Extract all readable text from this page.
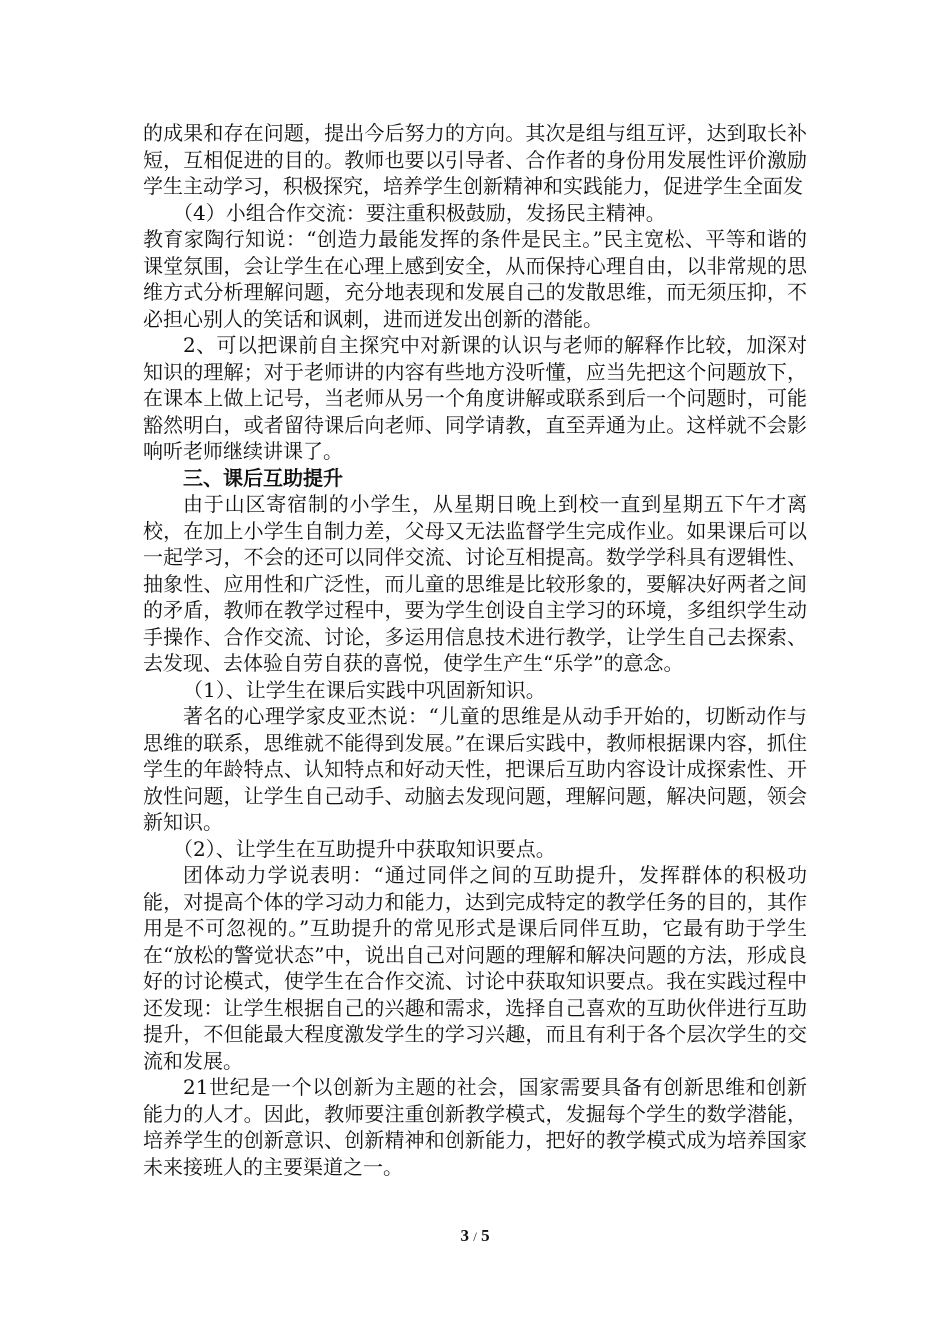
的成果和存在问题，提出今后努力的方向。其次是组与组互评，达到取长补短，互相促进的目的。教师也要以引导者、合作者的身份用发展性评价激励学生主动学习，积极探究，培养学生创新精神和实践能力，促进学生全面发

（4）小组合作交流：要注重积极鼓励，发扬民主精神。

教育家陶行知说：“创造力最能发挥的条件是民主。”民主宽松、平等和谐的课堂氛围，会让学生在心理上感到安全，从而保持心理自由，以非常规的思维方式分析理解问题，充分地表现和发展自己的发散思维，而无须压抑，不必担心别人的笑话和讽刺，进而迸发出创新的潜能。

2、可以把课前自主探究中对新课的认识与老师的解释作比较，加深对知识的理解；对于老师讲的内容有些地方没听懂，应当先把这个问题放下，在课本上做上记号，当老师从另一个角度讲解或联系到后一个问题时，可能豁然明白，或者留待课后向老师、同学请教，直至弄通为止。这样就不会影响听老师继续讲课了。

三、课后互助提升

由于山区寄宿制的小学生，从星期日晚上到校一直到星期五下午才离校，在加上小学生自制力差，父母又无法监督学生完成作业。如果课后可以一起学习，不会的还可以同伴交流、讨论互相提高。数学学科具有逻辑性、抽象性、应用性和广泛性，而儿童的思维是比较形象的，要解决好两者之间的矛盾，教师在教学过程中，要为学生创设自主学习的环境，多组织学生动手操作、合作交流、讨论，多运用信息技术进行教学，让学生自己去探索、去发现、去体验自劳自获的喜悦，使学生产生“乐学”的意念。

（1）、让学生在课后实践中巩固新知识。

著名的心理学家皮亚杰说：“儿童的思维是从动手开始的，切断动作与思维的联系，思维就不能得到发展。”在课后实践中，教师根据课内容，抓住学生的年龄特点、认知特点和好动天性，把课后互助内容设计成探索性、开放性问题，让学生自己动手、动脑去发现问题，理解问题，解决问题，领会新知识。

（2）、让学生在互助提升中获取知识要点。

团体动力学说表明：“通过同伴之间的互助提升，发挥群体的积极功能，对提高个体的学习动力和能力，达到完成特定的教学任务的目的，其作用是不可忽视的。”互助提升的常见形式是课后同伴互助，它最有助于学生在“放松的警觉状态”中，说出自己对问题的理解和解决问题的方法，形成良好的讨论模式，使学生在合作交流、讨论中获取知识要点。我在实践过程中还发现：让学生根据自己的兴趣和需求，选择自己喜欢的互助伙伴进行互助提升，不但能最大程度激发学生的学习兴趣，而且有利于各个层次学生的交流和发展。

21世纪是一个以创新为主题的社会，国家需要具备有创新思维和创新能力的人才。因此，教师要注重创新教学模式，发掘每个学生的数学潜能，培养学生的创新意识、创新精神和创新能力，把好的教学模式成为培养国家未来接班人的主要渠道之一。

3 / 5
